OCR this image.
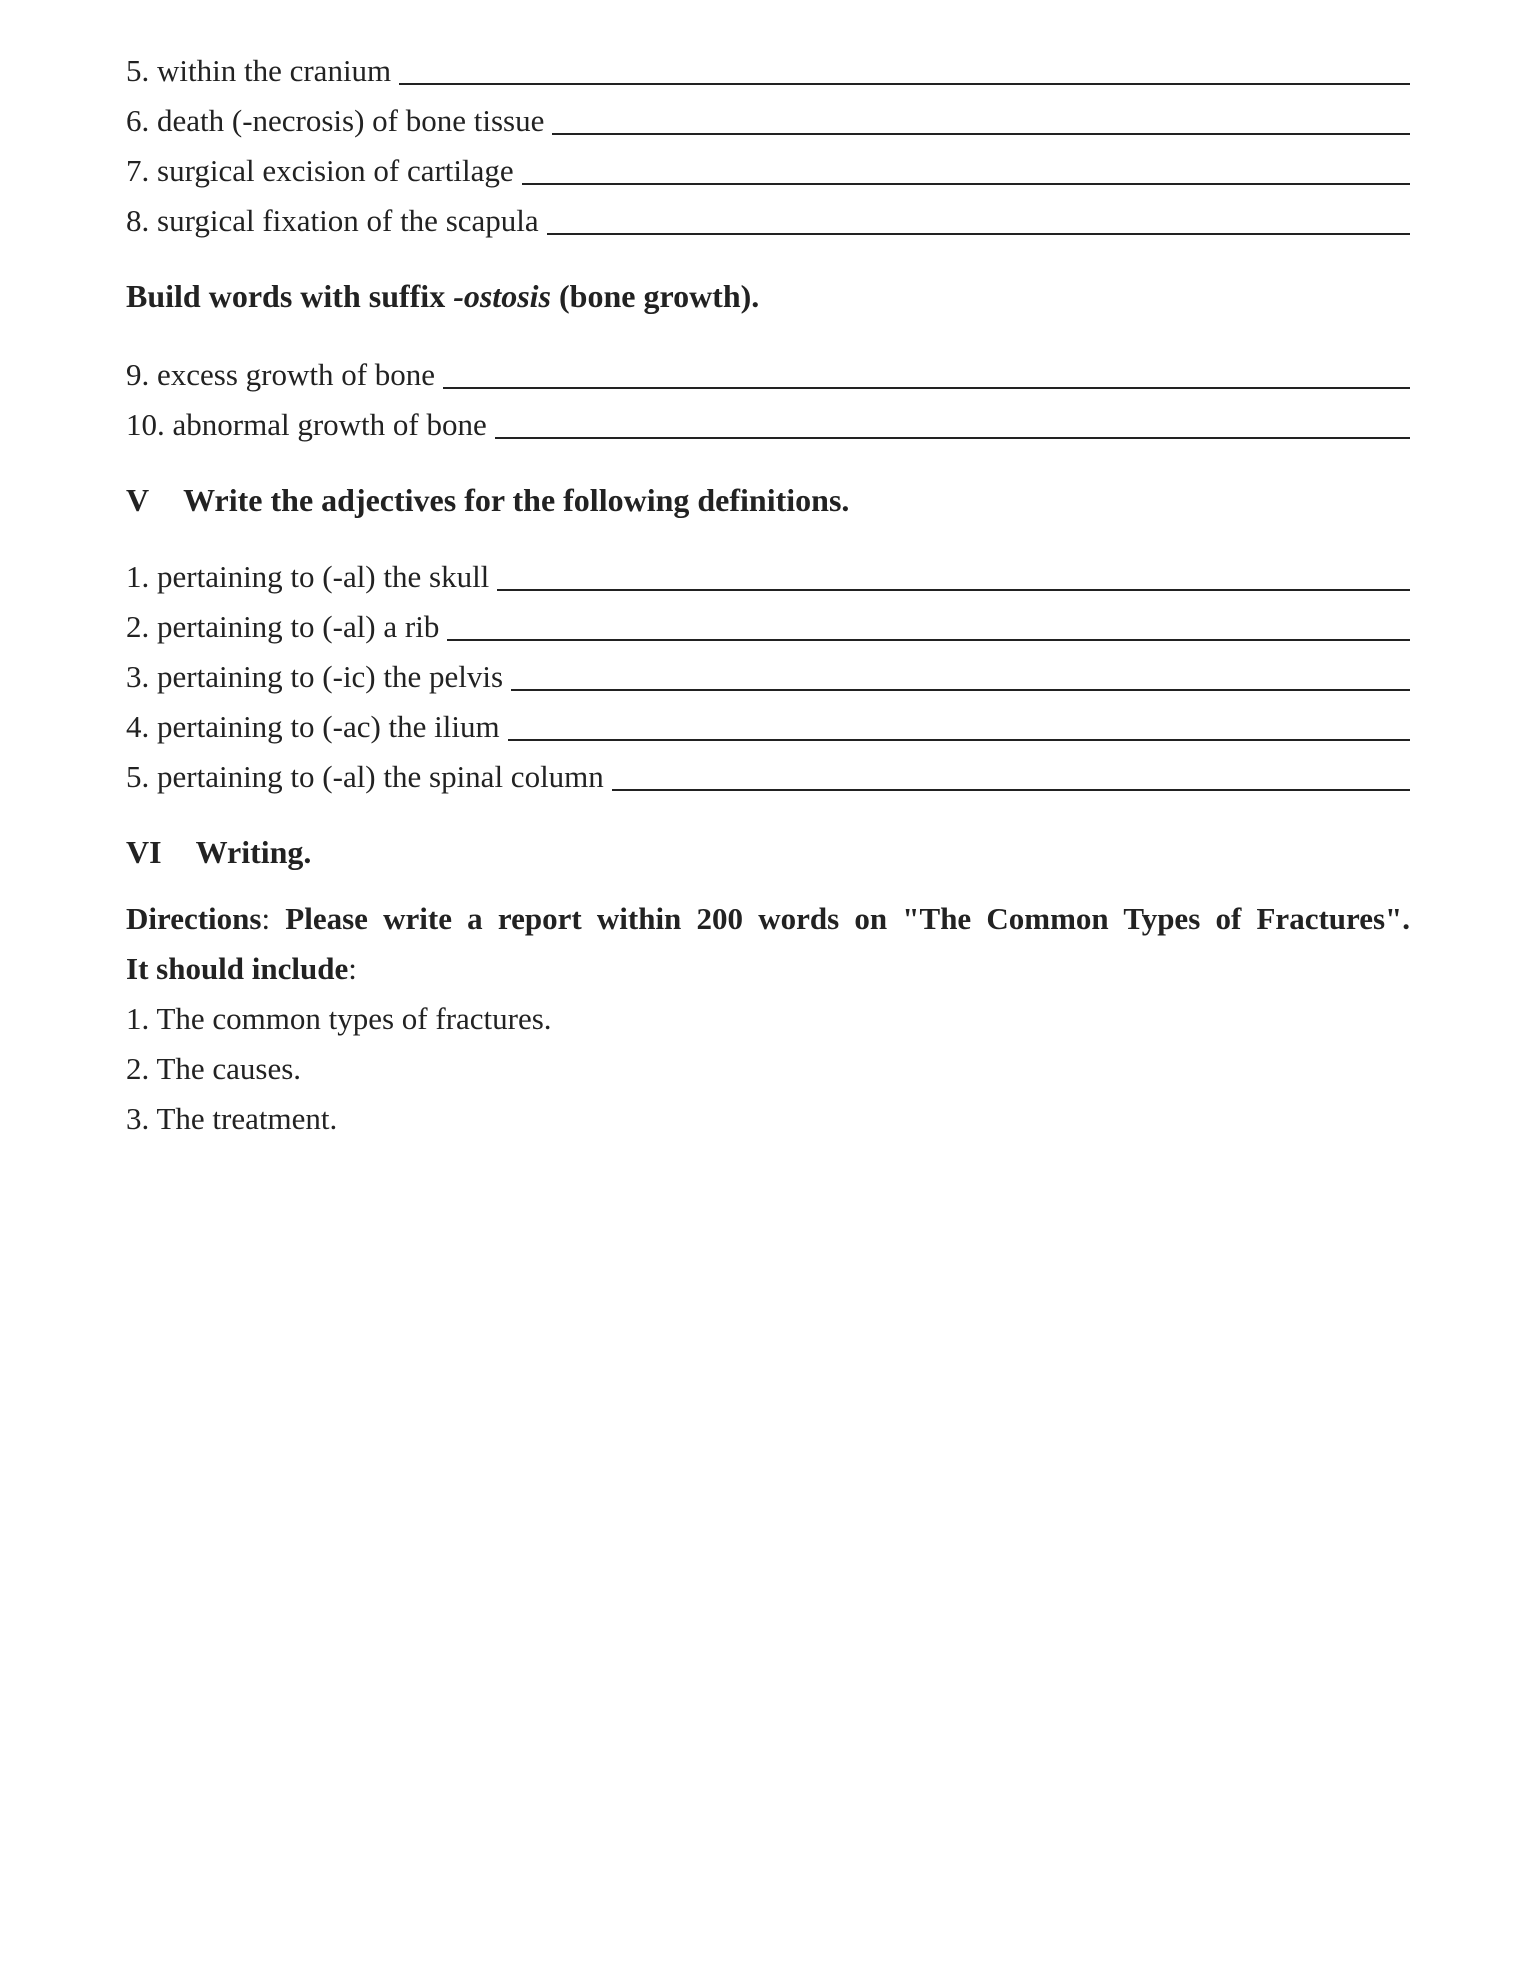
5. within the cranium
6. death (-necrosis) of bone tissue
7. surgical excision of cartilage
8. surgical fixation of the scapula
Build words with suffix -ostosis (bone growth).
9. excess growth of bone
10. abnormal growth of bone
V Write the adjectives for the following definitions.
1. pertaining to (-al) the skull
2. pertaining to (-al) a rib
3. pertaining to (-ic) the pelvis
4. pertaining to (-ac) the ilium
5. pertaining to (-al) the spinal column
VI Writing.
Directions: Please write a report within 200 words on "The Common Types of Fractures".
It should include:
1. The common types of fractures.
2. The causes.
3. The treatment.
